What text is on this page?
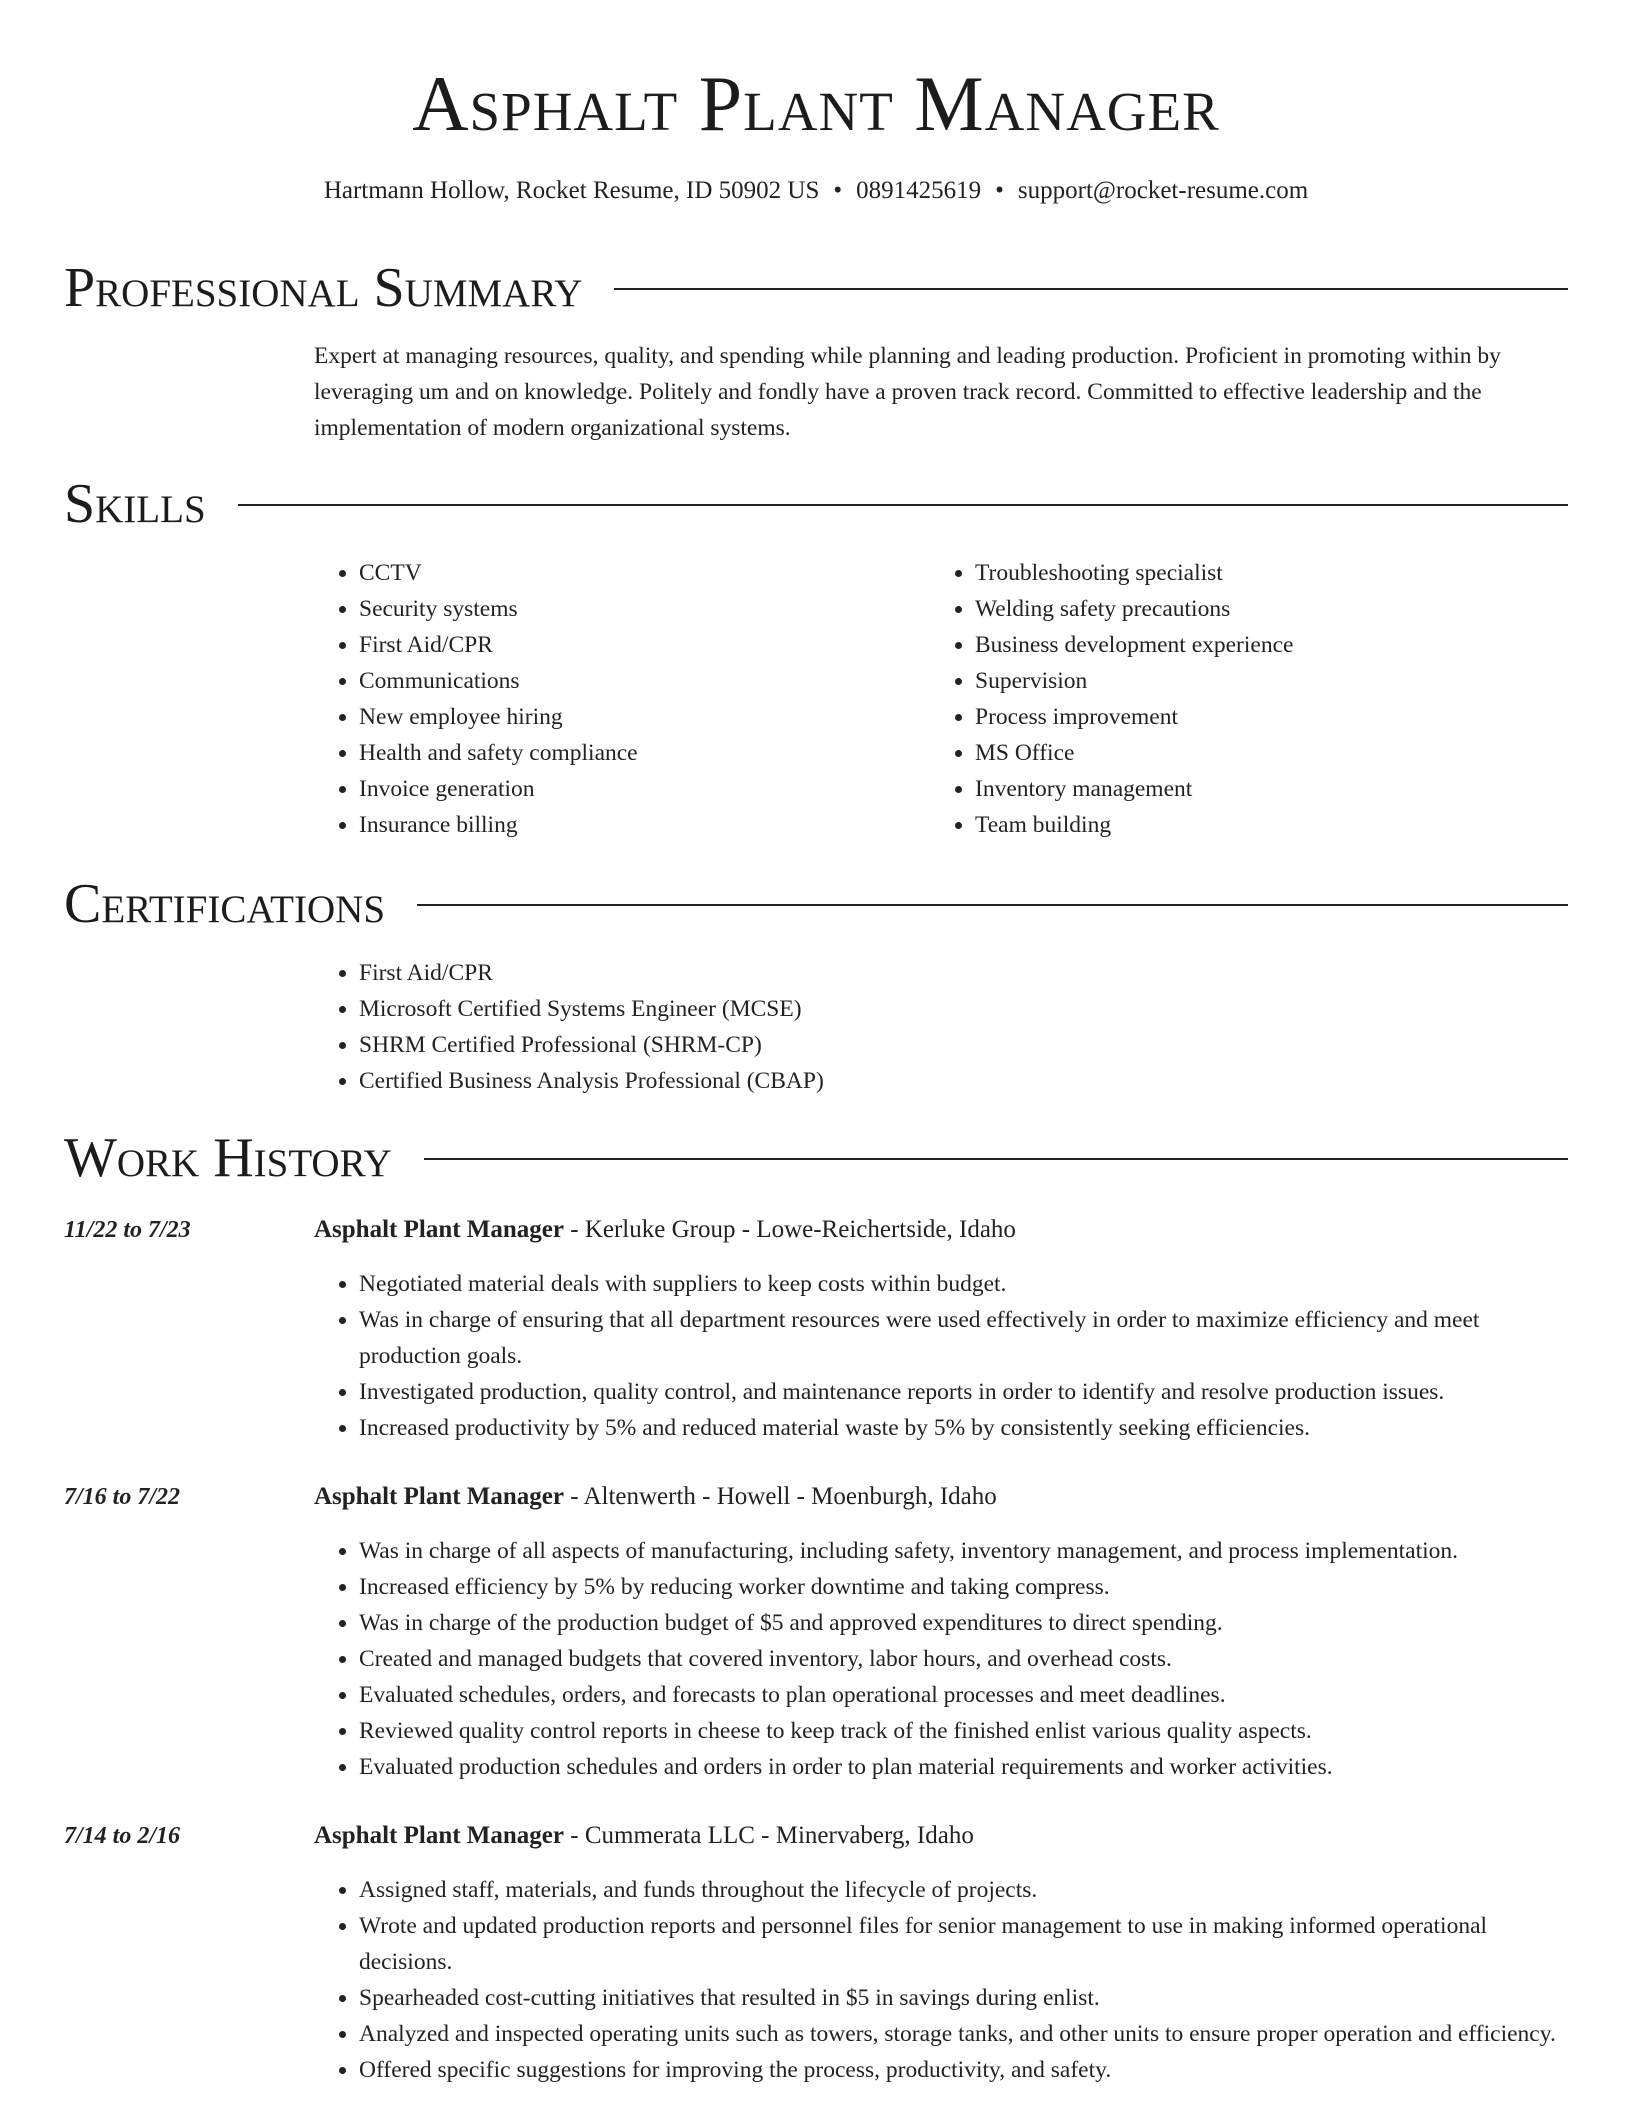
Asphalt Plant Manager
Hartmann Hollow, Rocket Resume, ID 50902 US • 0891425619 • support@rocket-resume.com
Professional Summary

Expert at managing resources, quality, and spending while planning and leading production. Proficient in promoting within by leveraging um and on knowledge. Politely and fondly have a proven track record. Committed to effective leadership and the implementation of modern organizational systems.

Skills
• CCTV
• Security systems
• First Aid/CPR
• Communications
• New employee hiring
• Health and safety compliance
• Invoice generation
• Insurance billing
• Troubleshooting specialist
• Welding safety precautions
• Business development experience
• Supervision
• Process improvement
• MS Office
• Inventory management
• Team building
Certifications
• First Aid/CPR
• Microsoft Certified Systems Engineer (MCSE)
• SHRM Certified Professional (SHRM-CP)
• Certified Business Analysis Professional (CBAP)
Work History
11/22 to 7/23	Asphalt Plant Manager - Kerluke Group - Lowe-Reichertside, Idaho
• Negotiated material deals with suppliers to keep costs within budget.
• Was in charge of ensuring that all department resources were used effectively in order to maximize efficiency and meet production goals.
• Investigated production, quality control, and maintenance reports in order to identify and resolve production issues.
• Increased productivity by 5% and reduced material waste by 5% by consistently seeking efficiencies.
7/16 to 7/22	Asphalt Plant Manager - Altenwerth - Howell - Moenburgh, Idaho
• Was in charge of all aspects of manufacturing, including safety, inventory management, and process implementation.
• Increased efficiency by 5% by reducing worker downtime and taking compress.
• Was in charge of the production budget of $5 and approved expenditures to direct spending.
• Created and managed budgets that covered inventory, labor hours, and overhead costs.
• Evaluated schedules, orders, and forecasts to plan operational processes and meet deadlines.
• Reviewed quality control reports in cheese to keep track of the finished enlist various quality aspects.
• Evaluated production schedules and orders in order to plan material requirements and worker activities.
7/14 to 2/16	Asphalt Plant Manager - Cummerata LLC - Minervaberg, Idaho
• Assigned staff, materials, and funds throughout the lifecycle of projects.
• Wrote and updated production reports and personnel files for senior management to use in making informed operational decisions.
• Spearheaded cost-cutting initiatives that resulted in $5 in savings during enlist.
• Analyzed and inspected operating units such as towers, storage tanks, and other units to ensure proper operation and efficiency.
• Offered specific suggestions for improving the process, productivity, and safety.
